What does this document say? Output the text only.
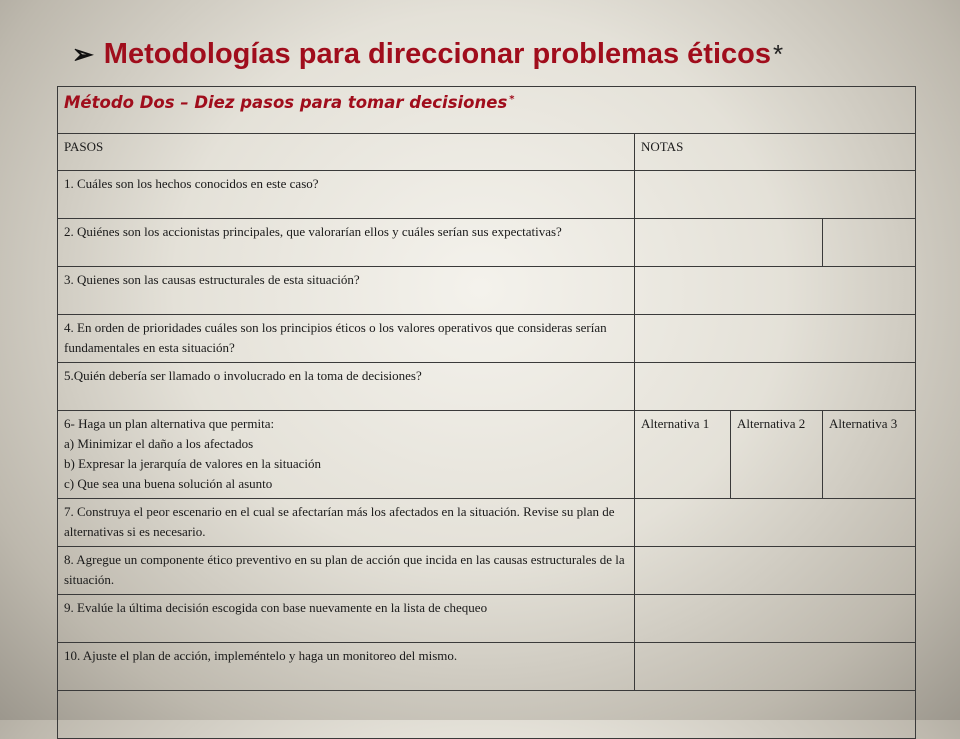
➢ Metodologías para direccionar problemas éticos *
Método Dos – Diez pasos para tomar decisiones *
PASOS	NOTAS		
1. Cuáles son los hechos conocidos en este caso?			
2. Quiénes son los accionistas principales, que valorarían ellos y cuáles serían sus expectativas?			
3. Quienes son las causas estructurales de esta situación?			
4. En orden de prioridades cuáles son los principios éticos o los valores operativos que consideras serían fundamentales en esta situación?			
5.Quién debería ser llamado o involucrado en la toma de decisiones?			

6- Haga un plan alternativa que permita:
a) Minimizar el daño a los afectados
b) Expresar la jerarquía de valores en la situación
c) Que sea una buena solución al asunto	Alternativa 1	Alternativa 2	Alternativa 3
7. Construya el peor escenario en el cual se afectarían más los afectados en la situación. Revise su plan de alternativas si es necesario.			
8. Agregue un componente ético preventivo en su plan de acción que incida en las causas estructurales de la situación.			
9. Evalúe la última decisión escogida con base nuevamente en la lista de chequeo			
10. Ajuste el plan de acción, impleméntelo y haga un monitoreo del mismo.			
